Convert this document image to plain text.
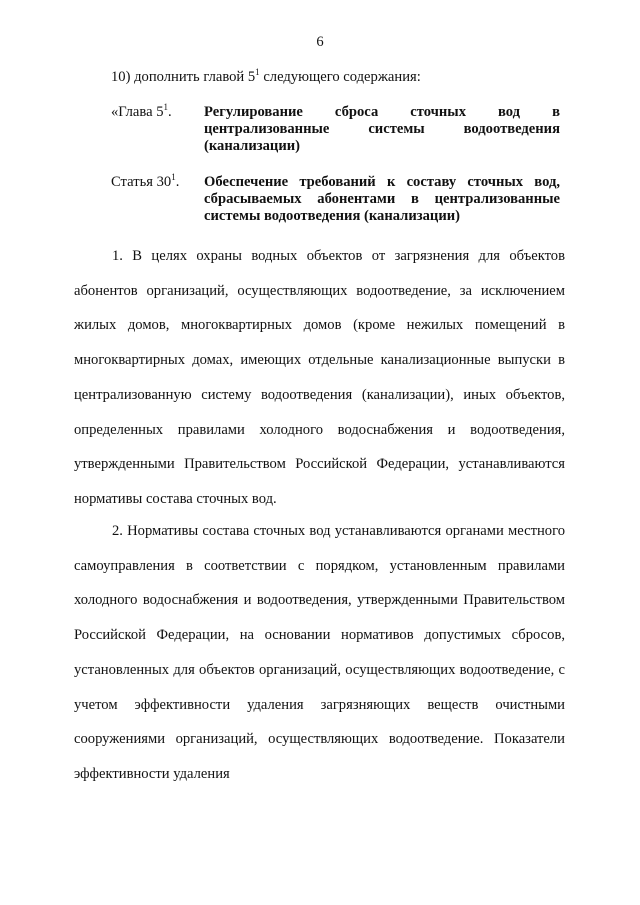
6
10) дополнить главой $5^1$ следующего содержания:
«Глава $5^1$.	Регулирование сброса сточных вод в централизованные системы водоотведения (канализации)
Статья $30^1$.	Обеспечение требований к составу сточных вод, сбрасываемых абонентами в централизованные системы водоотведения (канализации)

1. В целях охраны водных объектов от загрязнения для объектов абонентов организаций, осуществляющих водоотведение, за исключением жилых домов, многоквартирных домов (кроме нежилых помещений в многоквартирных домах, имеющих отдельные канализационные выпуски в централизованную систему водоотведения (канализации), иных объектов, определенных правилами холодного водоснабжения и водоотведения, утвержденными Правительством Российской Федерации, устанавливаются нормативы состава сточных вод.

2. Нормативы состава сточных вод устанавливаются органами местного самоуправления в соответствии с порядком, установленным правилами холодного водоснабжения и водоотведения, утвержденными Правительством Российской Федерации, на основании нормативов допустимых сбросов, установленных для объектов организаций, осуществляющих водоотведение, с учетом эффективности удаления загрязняющих веществ очистными сооружениями организаций, осуществляющих водоотведение. Показатели эффективности удаления
